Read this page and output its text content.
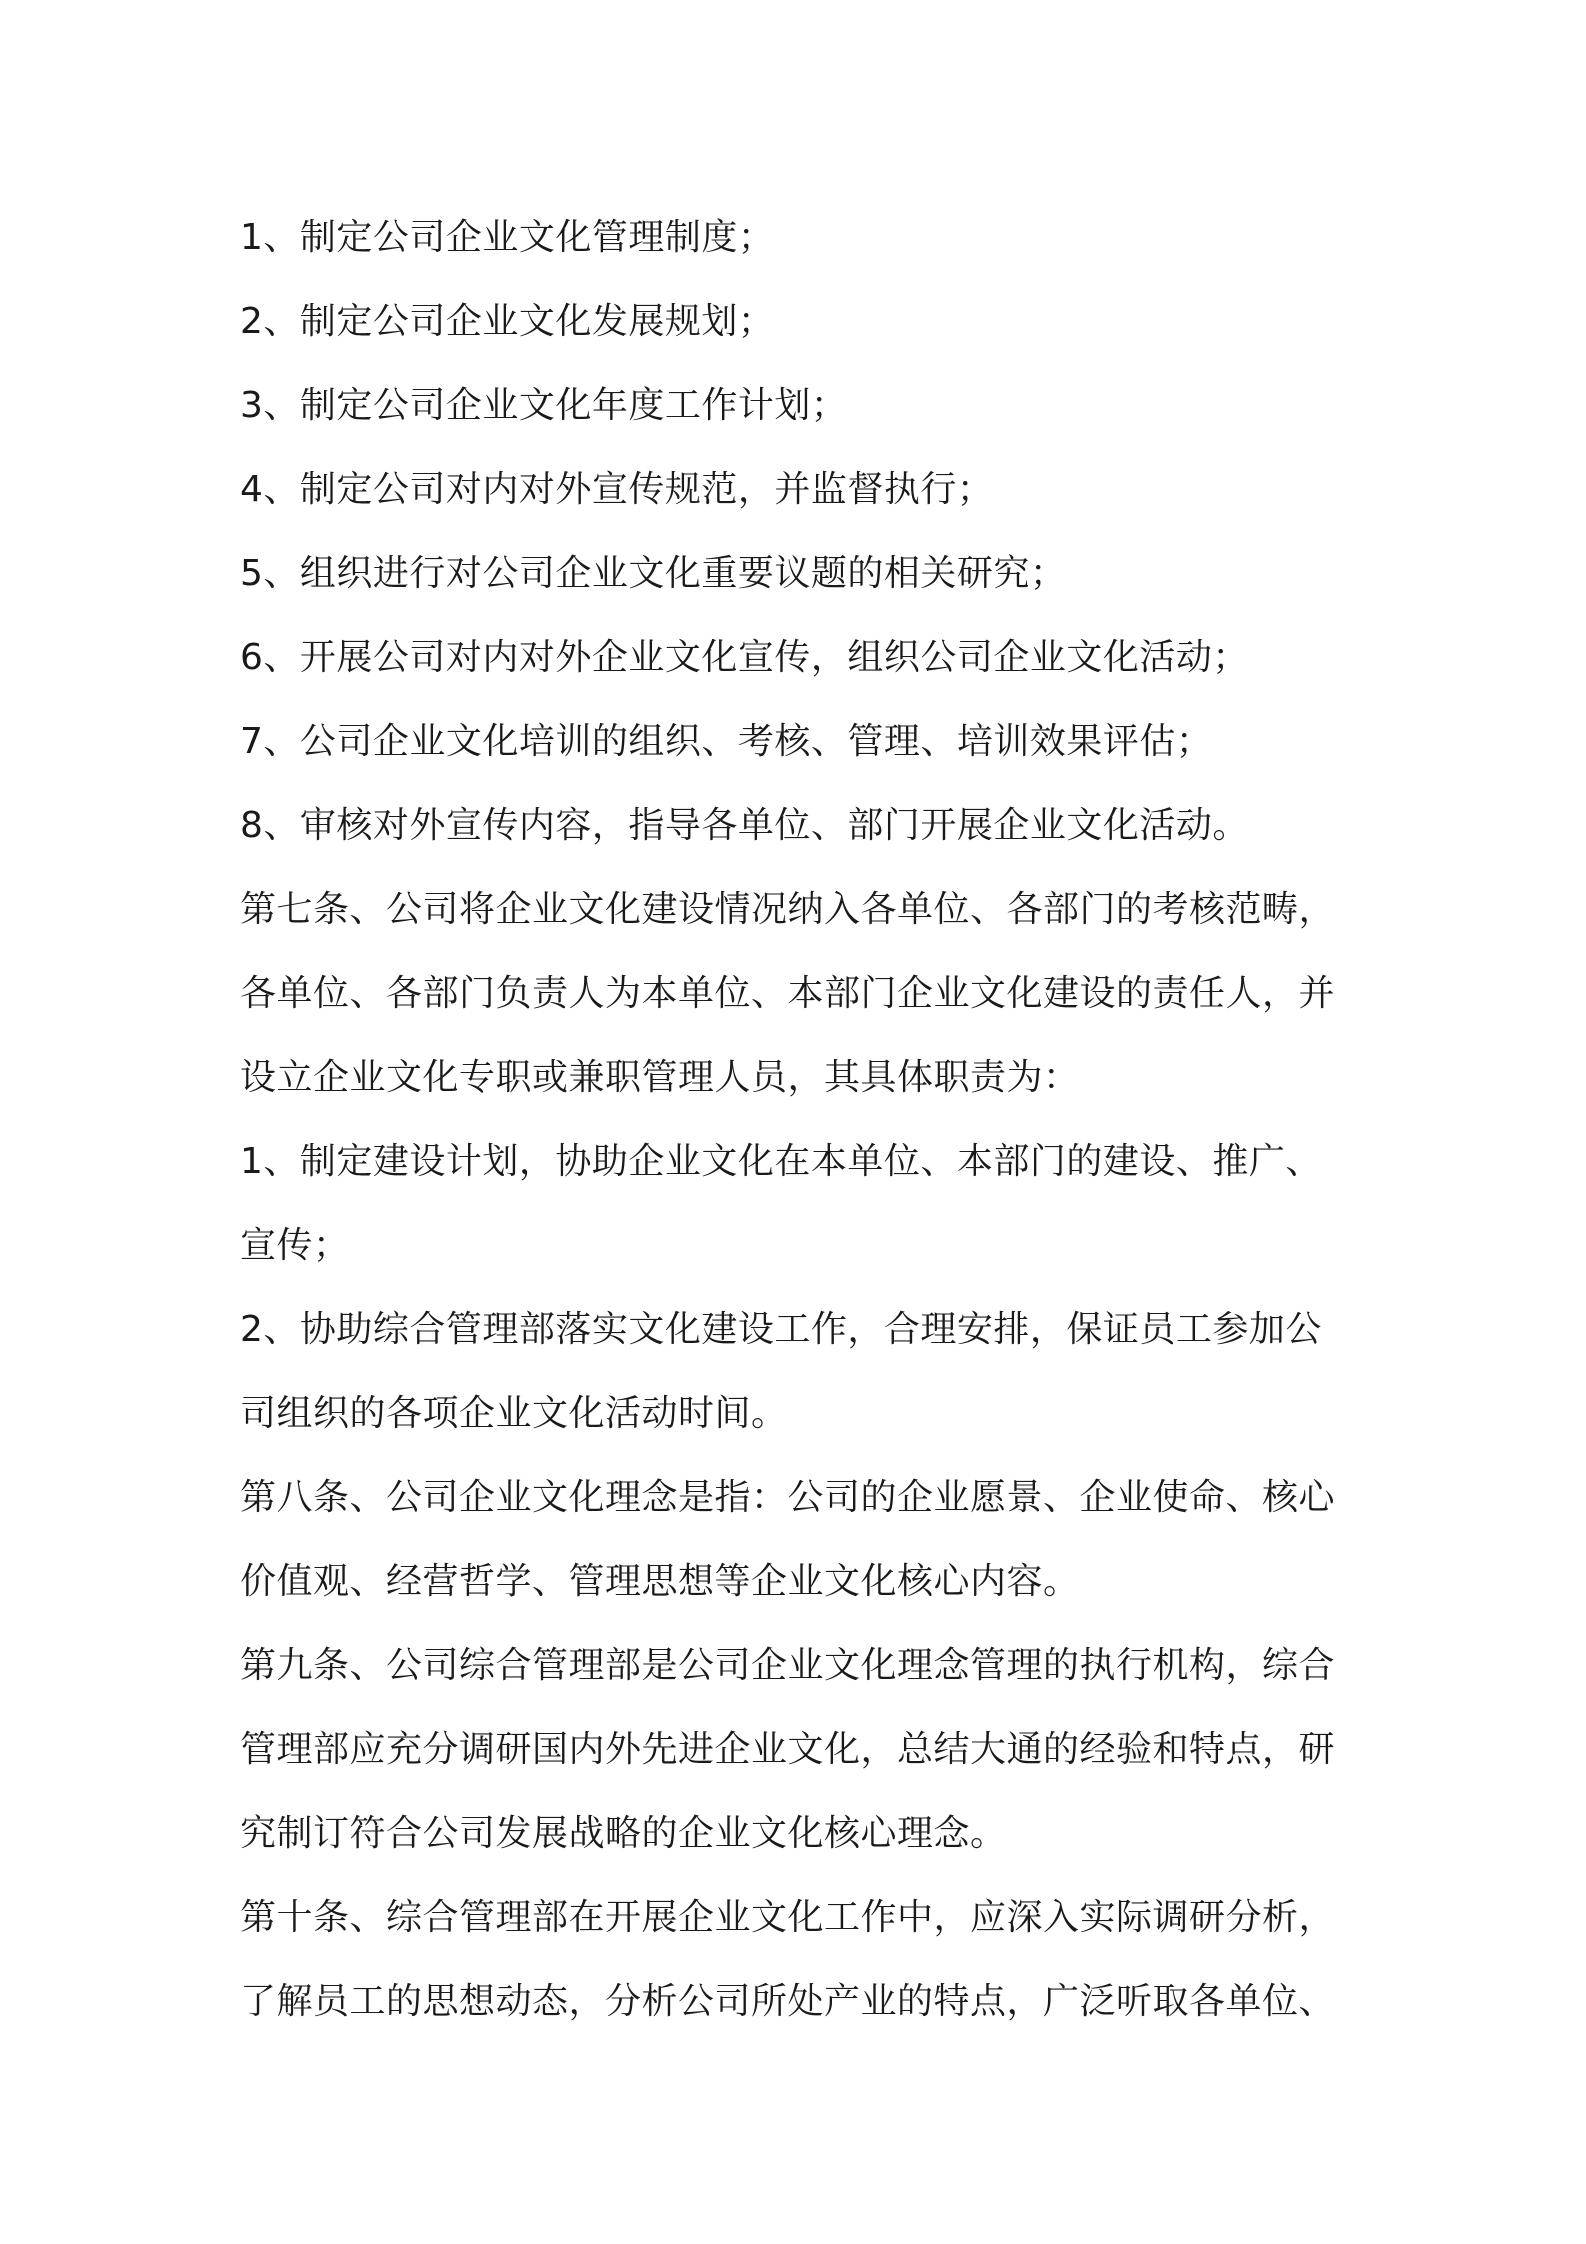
1、制定公司企业文化管理制度；
2、制定公司企业文化发展规划；
3、制定公司企业文化年度工作计划；
4、制定公司对内对外宣传规范，并监督执行；
5、组织进行对公司企业文化重要议题的相关研究；
6、开展公司对内对外企业文化宣传，组织公司企业文化活动；
7、公司企业文化培训的组织、考核、管理、培训效果评估；
8、审核对外宣传内容，指导各单位、部门开展企业文化活动。
第七条、公司将企业文化建设情况纳入各单位、各部门的考核范畴，
各单位、各部门负责人为本单位、本部门企业文化建设的责任人，并
设立企业文化专职或兼职管理人员，其具体职责为：
1、制定建设计划，协助企业文化在本单位、本部门的建设、推广、
宣传；
2、协助综合管理部落实文化建设工作，合理安排，保证员工参加公
司组织的各项企业文化活动时间。
第八条、公司企业文化理念是指：公司的企业愿景、企业使命、核心
价值观、经营哲学、管理思想等企业文化核心内容。
第九条、公司综合管理部是公司企业文化理念管理的执行机构，综合
管理部应充分调研国内外先进企业文化，总结大通的经验和特点，研
究制订符合公司发展战略的企业文化核心理念。
第十条、综合管理部在开展企业文化工作中，应深入实际调研分析，
了解员工的思想动态，分析公司所处产业的特点，广泛听取各单位、
